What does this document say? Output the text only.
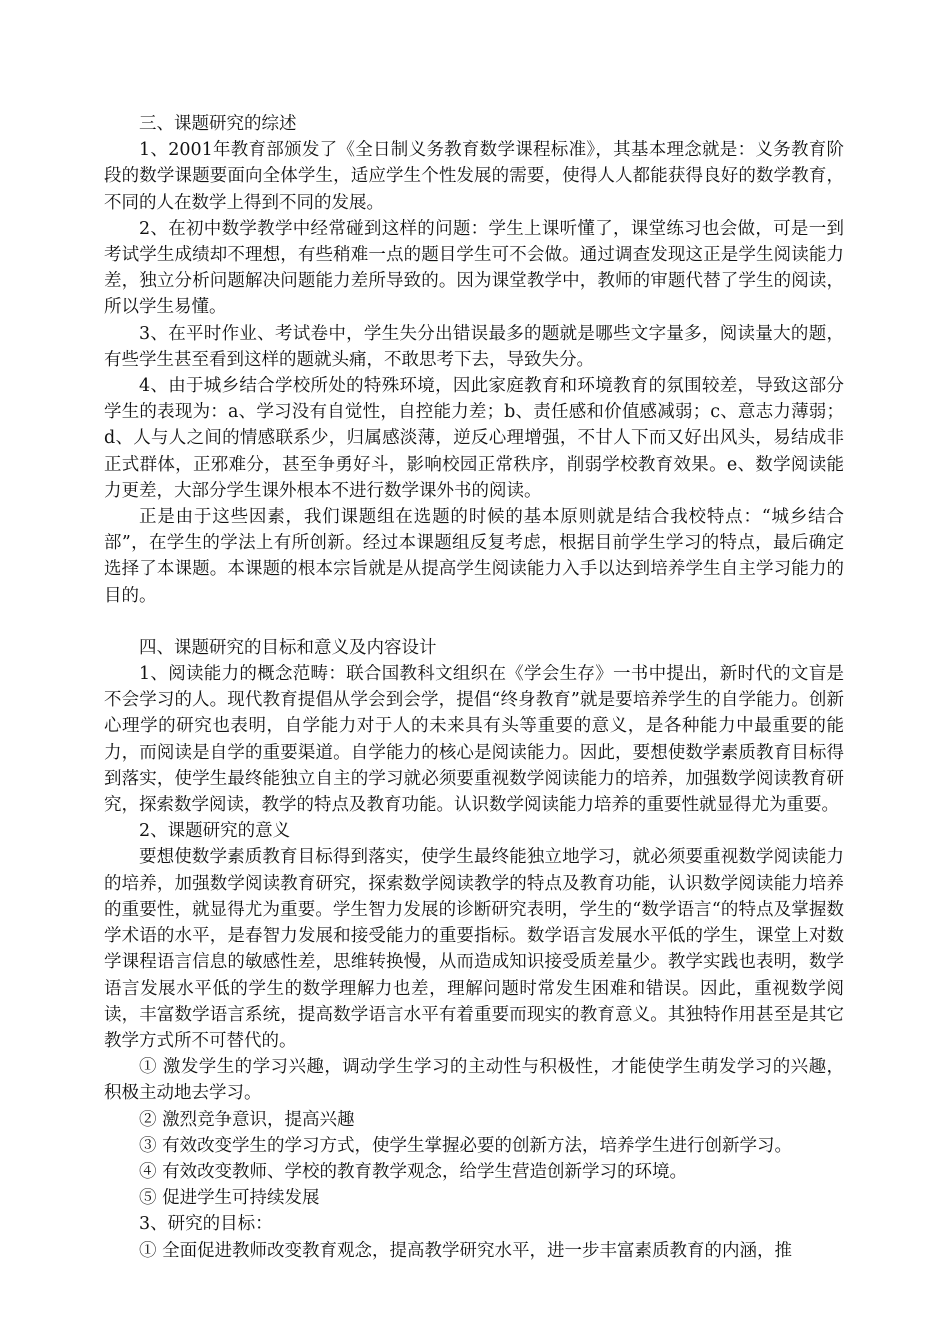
三、课题研究的综述

1、2001年教育部颁发了《全日制义务教育数学课程标准》，其基本理念就是：义务教育阶段的数学课题要面向全体学生，适应学生个性发展的需要，使得人人都能获得良好的数学教育，不同的人在数学上得到不同的发展。

2、在初中数学教学中经常碰到这样的问题：学生上课听懂了，课堂练习也会做，可是一到考试学生成绩却不理想，有些稍难一点的题目学生可不会做。通过调查发现这正是学生阅读能力差，独立分析问题解决问题能力差所导致的。因为课堂教学中，教师的审题代替了学生的阅读，所以学生易懂。

3、在平时作业、考试卷中，学生失分出错误最多的题就是哪些文字量多，阅读量大的题，有些学生甚至看到这样的题就头痛，不敢思考下去，导致失分。

4、由于城乡结合学校所处的特殊环境，因此家庭教育和环境教育的氛围较差，导致这部分学生的表现为：a、学习没有自觉性，自控能力差；b、责任感和价值感减弱；c、意志力薄弱；d、人与人之间的情感联系少，归属感淡薄，逆反心理增强，不甘人下而又好出风头，易结成非正式群体，正邪难分，甚至争勇好斗，影响校园正常秩序，削弱学校教育效果。e、数学阅读能力更差，大部分学生课外根本不进行数学课外书的阅读。

正是由于这些因素，我们课题组在选题的时候的基本原则就是结合我校特点：“城乡结合部”，在学生的学法上有所创新。经过本课题组反复考虑，根据目前学生学习的特点，最后确定选择了本课题。本课题的根本宗旨就是从提高学生阅读能力入手以达到培养学生自主学习能力的目的。

四、课题研究的目标和意义及内容设计

1、阅读能力的概念范畴：联合国教科文组织在《学会生存》一书中提出，新时代的文盲是不会学习的人。现代教育提倡从学会到会学，提倡“终身教育”就是要培养学生的自学能力。创新心理学的研究也表明，自学能力对于人的未来具有头等重要的意义，是各种能力中最重要的能力，而阅读是自学的重要渠道。自学能力的核心是阅读能力。因此，要想使数学素质教育目标得到落实，使学生最终能独立自主的学习就必须要重视数学阅读能力的培养，加强数学阅读教育研究，探索数学阅读，教学的特点及教育功能。认识数学阅读能力培养的重要性就显得尤为重要。

2、课题研究的意义

要想使数学素质教育目标得到落实，使学生最终能独立地学习，就必须要重视数学阅读能力的培养，加强数学阅读教育研究，探索数学阅读教学的特点及教育功能，认识数学阅读能力培养的重要性，就显得尤为重要。学生智力发展的诊断研究表明，学生的“数学语言“的特点及掌握数学术语的水平，是春智力发展和接受能力的重要指标。数学语言发展水平低的学生，课堂上对数学课程语言信息的敏感性差，思维转换慢，从而造成知识接受质差量少。教学实践也表明，数学语言发展水平低的学生的数学理解力也差，理解问题时常发生困难和错误。因此，重视数学阅读，丰富数学语言系统，提高数学语言水平有着重要而现实的教育意义。其独特作用甚至是其它教学方式所不可替代的。

① 激发学生的学习兴趣，调动学生学习的主动性与积极性，才能使学生萌发学习的兴趣，积极主动地去学习。

② 激烈竞争意识，提高兴趣

③ 有效改变学生的学习方式，使学生掌握必要的创新方法，培养学生进行创新学习。

④ 有效改变教师、学校的教育教学观念，给学生营造创新学习的环境。

⑤ 促进学生可持续发展

3、研究的目标：

① 全面促进教师改变教育观念，提高教学研究水平，进一步丰富素质教育的内涵，推
